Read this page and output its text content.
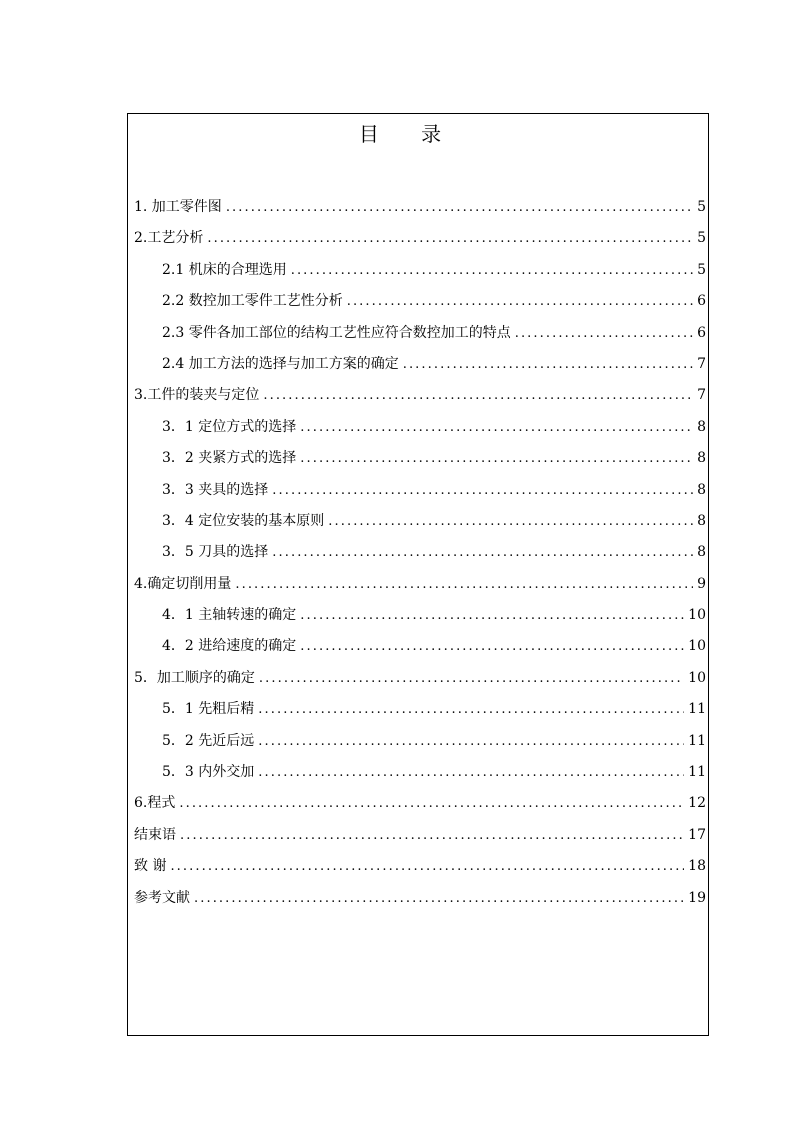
目 录
1. 加工零件图 .....	5
2.工艺分析 .....	5
2.1 机床的合理选用 .....	5
2.2 数控加工零件工艺性分析 .....	6
2.3 零件各加工部位的结构工艺性应符合数控加工的特点 .....	6
2.4 加工方法的选择与加工方案的确定 .....	7
3.工件的装夹与定位 .....	7
3．1 定位方式的选择 .....	8
3．2 夹紧方式的选择 .....	8
3．3 夹具的选择 .....	8
3．4 定位安装的基本原则 .....	8
3．5 刀具的选择 .....	8
4.确定切削用量 .....	9
4．1 主轴转速的确定 .....	10
4．2 进给速度的确定 .....	10
5．加工顺序的确定 .....	10
5．1 先粗后精 .....	11
5．2 先近后远 .....	11
5．3 内外交加 .....	11
6.程式 .....	12
结束语 .....	17
致 谢 .....	18
参考文献 .....	19
